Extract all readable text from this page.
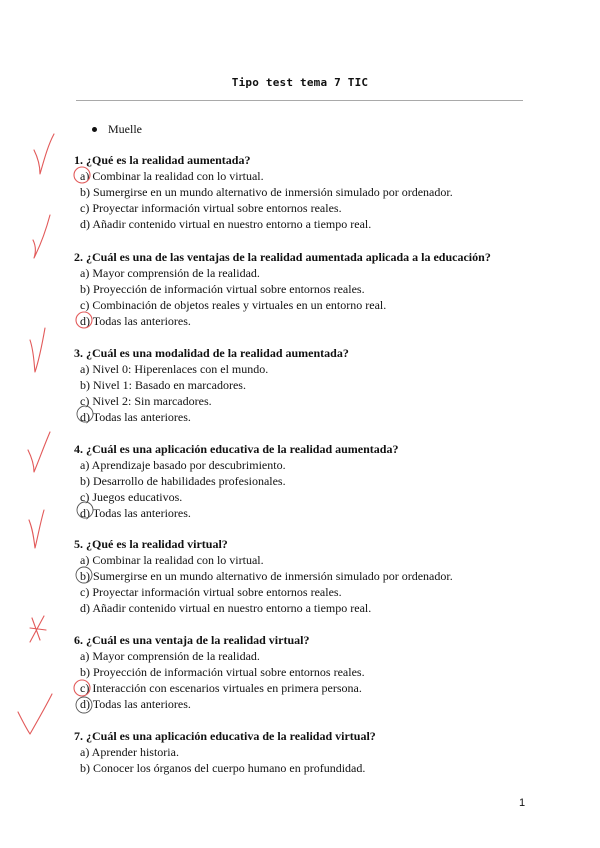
Tipo test tema 7 TIC
Muelle
1. ¿Qué es la realidad aumentada?
a) Combinar la realidad con lo virtual.
b) Sumergirse en un mundo alternativo de inmersión simulado por ordenador.
c) Proyectar información virtual sobre entornos reales.
d) Añadir contenido virtual en nuestro entorno a tiempo real.
2. ¿Cuál es una de las ventajas de la realidad aumentada aplicada a la educación?
a) Mayor comprensión de la realidad.
b) Proyección de información virtual sobre entornos reales.
c) Combinación de objetos reales y virtuales en un entorno real.
d) Todas las anteriores.
3. ¿Cuál es una modalidad de la realidad aumentada?
a) Nivel 0: Hiperenlaces con el mundo.
b) Nivel 1: Basado en marcadores.
c) Nivel 2: Sin marcadores.
d) Todas las anteriores.
4. ¿Cuál es una aplicación educativa de la realidad aumentada?
a) Aprendizaje basado por descubrimiento.
b) Desarrollo de habilidades profesionales.
c) Juegos educativos.
d) Todas las anteriores.
5. ¿Qué es la realidad virtual?
a) Combinar la realidad con lo virtual.
b) Sumergirse en un mundo alternativo de inmersión simulado por ordenador.
c) Proyectar información virtual sobre entornos reales.
d) Añadir contenido virtual en nuestro entorno a tiempo real.
6. ¿Cuál es una ventaja de la realidad virtual?
a) Mayor comprensión de la realidad.
b) Proyección de información virtual sobre entornos reales.
c) Interacción con escenarios virtuales en primera persona.
d) Todas las anteriores.
7. ¿Cuál es una aplicación educativa de la realidad virtual?
a) Aprender historia.
b) Conocer los órganos del cuerpo humano en profundidad.
1
